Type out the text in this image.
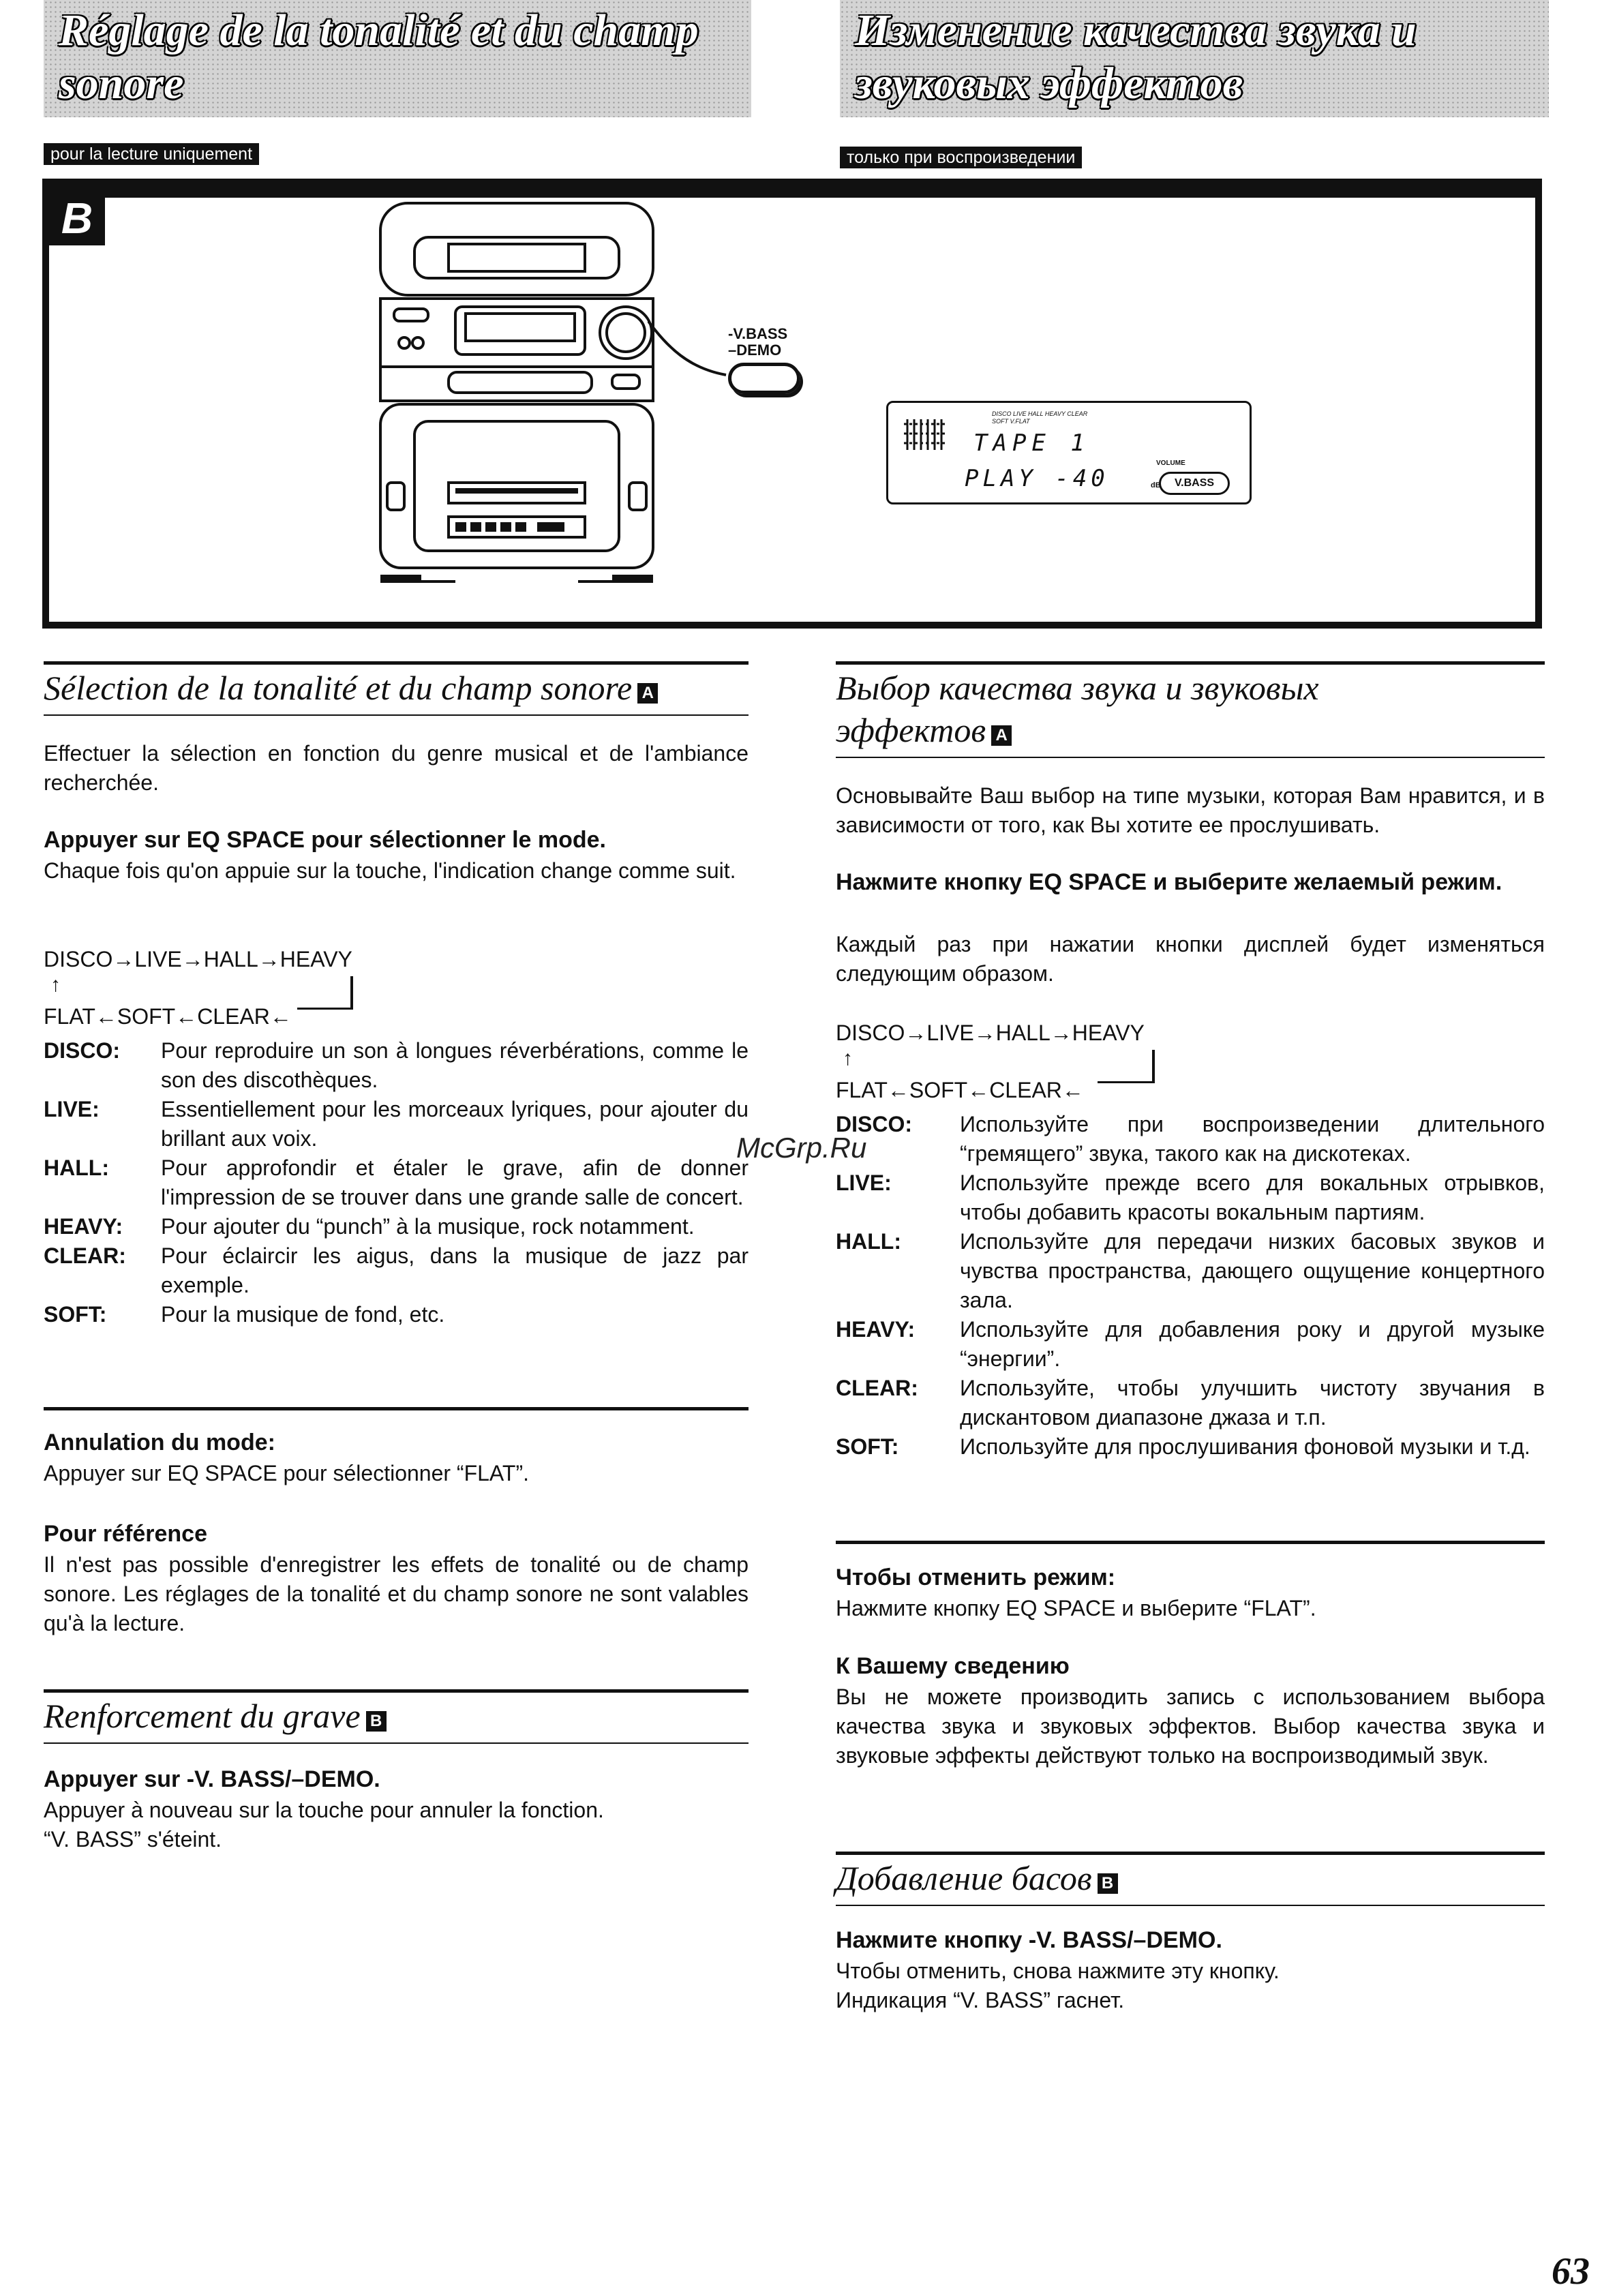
Réglage de la tonalité et du champ sonore
Изменение качества звука и звуковых эффектов
pour la lecture uniquement	только при воспроизведении
B
-V.BASS
–DEMO
DISCO LIVE HALL HEAVY CLEAR SOFT V.FLAT
TAPE 1
VOLUME
PLAY -40	dB	V.BASS
Sélection de la tonalité et du champ sonore A
Effectuer la sélection en fonction du genre musical et de l'ambiance recherchée.
Appuyer sur EQ SPACE pour sélectionner le mode.
Chaque fois qu'on appuie sur la touche, l'indication change comme suit.
DISCO→LIVE→HALL→HEAVY
↑
FLAT←SOFT←CLEAR←
DISCO:	Pour reproduire un son à longues réverbérations, comme le son des discothèques.
LIVE:	Essentiellement pour les morceaux lyriques, pour ajouter du brillant aux voix.
HALL:	Pour approfondir et étaler le grave, afin de donner l'impression de se trouver dans une grande salle de concert.
HEAVY:	Pour ajouter du “punch” à la musique, rock notamment.
CLEAR:	Pour éclaircir les aigus, dans la musique de jazz par exemple.
SOFT:	Pour la musique de fond, etc.
Annulation du mode:
Appuyer sur EQ SPACE pour sélectionner “FLAT”.
Pour référence
Il n'est pas possible d'enregistrer les effets de tonalité ou de champ sonore. Les réglages de la tonalité et du champ sonore ne sont valables qu'à la lecture.
Renforcement du grave B
Appuyer sur -V. BASS/–DEMO.
Appuyer à nouveau sur la touche pour annuler la fonction.
“V. BASS” s'éteint.
Выбор качества звука и звуковых эффектов A
Основывайте Ваш выбор на типе музыки, которая Вам нравится, и в зависимости от того, как Вы хотите ее прослушивать.
Нажмите кнопку EQ SPACE и выберите желаемый режим.
Каждый раз при нажатии кнопки дисплей будет изменяться следующим образом.
DISCO→LIVE→HALL→HEAVY
↑
FLAT←SOFT←CLEAR←
DISCO:	Используйте при воспроизведении длительного “гремящего” звука, такого как на дискотеках.
LIVE:	Используйте прежде всего для вокальных отрывков, чтобы добавить красоты вокальным партиям.
HALL:	Используйте для передачи низких басовых звуков и чувства пространства, дающего ощущение концертного зала.
HEAVY:	Используйте для добавления року и другой музыке “энергии”.
CLEAR:	Используйте, чтобы улучшить чистоту звучания в дискантовом диапазоне джаза и т.п.
SOFT:	Используйте для прослушивания фоновой музыки и т.д.
Чтобы отменить режим:
Нажмите кнопку EQ SPACE и выберите “FLAT”.
К Вашему сведению
Вы не можете производить запись с использованием выбора качества звука и звуковых эффектов. Выбор качества звука и звуковые эффекты действуют только на воспроизводимый звук.
Добавление басов B
Нажмите кнопку -V. BASS/–DEMO.
Чтобы отменить, снова нажмите эту кнопку.
Индикация “V. BASS” гаснет.
McGrp.Ru
63
